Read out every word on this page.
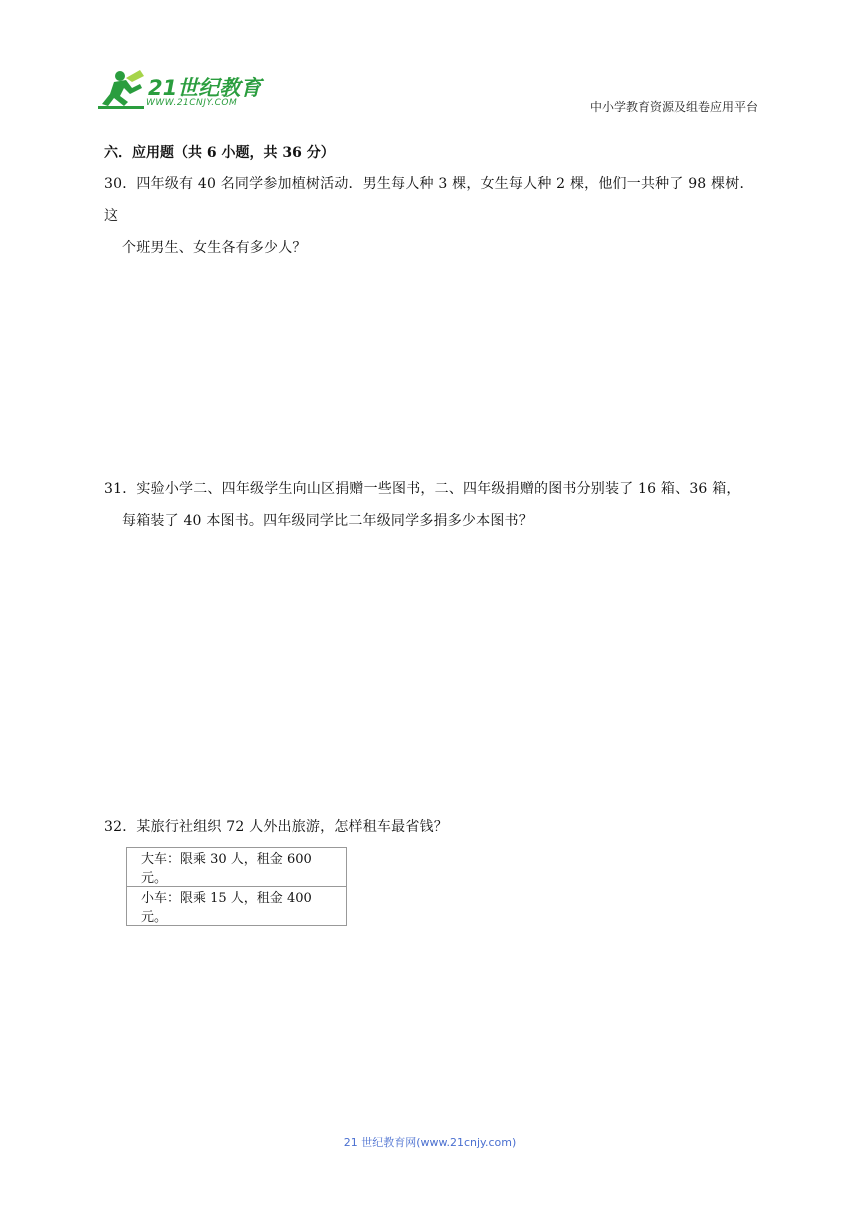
21世纪教育
WWW.21CNJY.COM	中小学教育资源及组卷应用平台
六．应用题（共 6 小题，共 36 分）
30．四年级有 40 名同学参加植树活动．男生每人种 3 棵，女生每人种 2 棵，他们一共种了 98 棵树．这
个班男生、女生各有多少人？
31．实验小学二、四年级学生向山区捐赠一些图书，二、四年级捐赠的图书分别装了 16 箱、36 箱，
每箱装了 40 本图书。四年级同学比二年级同学多捐多少本图书？
32．某旅行社组织 72 人外出旅游，怎样租车最省钱？
大车：限乘 30 人，租金 600 元。
小车：限乘 15 人，租金 400 元。
21 世纪教育网(www.21cnjy.com)
